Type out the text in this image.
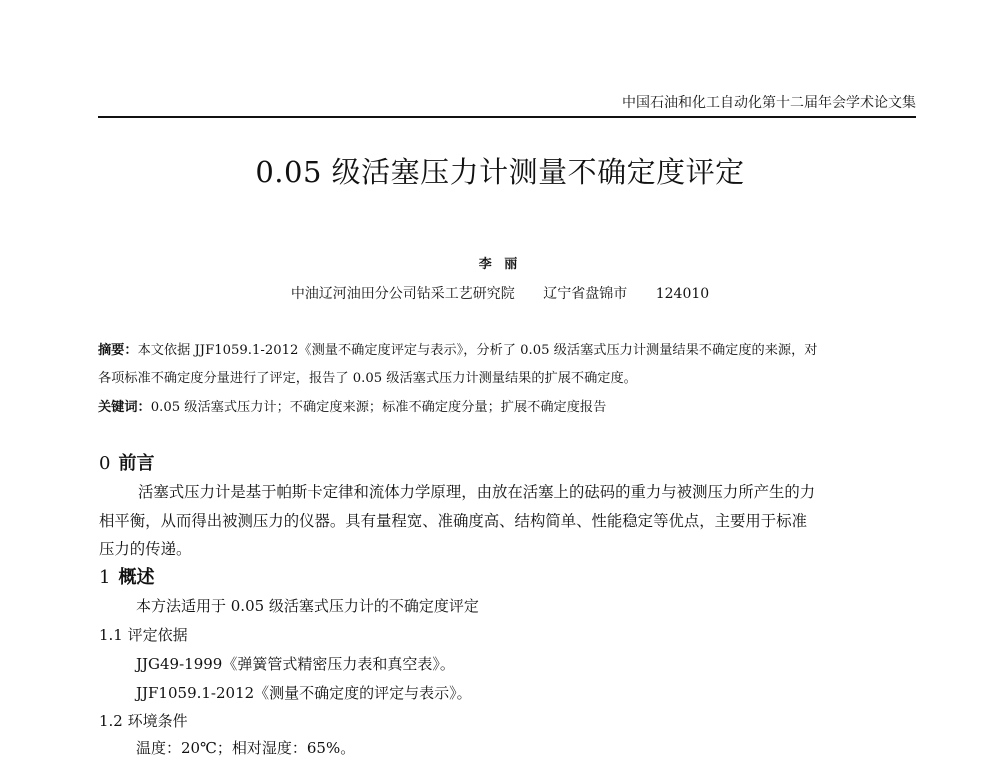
中国石油和化工自动化第十二届年会学术论文集
0.05 级活塞压力计测量不确定度评定
李 丽
中油辽河油田分公司钻采工艺研究院 辽宁省盘锦市 124010
摘要：本文依据 JJF1059.1-2012《测量不确定度评定与表示》，分析了 0.05 级活塞式压力计测量结果不确定度的来源，对
各项标准不确定度分量进行了评定，报告了 0.05 级活塞式压力计测量结果的扩展不确定度。
关键词：0.05 级活塞式压力计；不确定度来源；标准不确定度分量；扩展不确定度报告
0 前言
活塞式压力计是基于帕斯卡定律和流体力学原理，由放在活塞上的砝码的重力与被测压力所产生的力
相平衡，从而得出被测压力的仪器。具有量程宽、准确度高、结构简单、性能稳定等优点，主要用于标准
压力的传递。
1 概述
本方法适用于 0.05 级活塞式压力计的不确定度评定
1.1 评定依据
JJG49-1999《弹簧管式精密压力表和真空表》。
JJF1059.1-2012《测量不确定度的评定与表示》。
1.2 环境条件
温度：20℃；相对湿度：65%。
